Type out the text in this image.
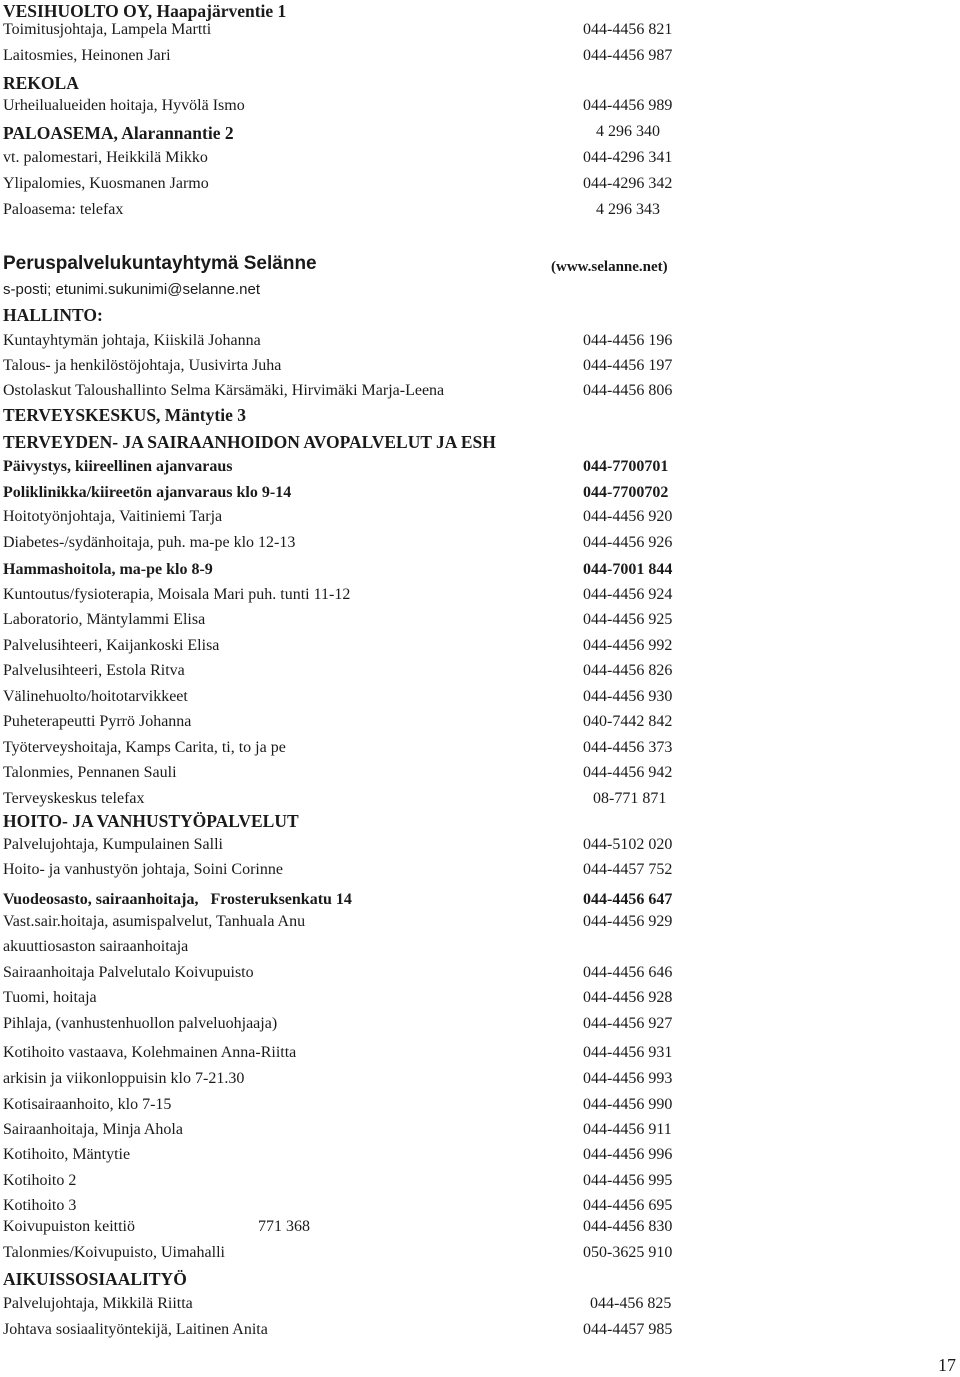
VESIHUOLTO OY, Haapajärventie 1
Toimitusjohtaja, Lampela Martti	044-4456 821
Laitosmies, Heinonen Jari	044-4456 987
REKOLA
Urheilualueiden hoitaja, Hyvölä Ismo	044-4456 989
PALOASEMA, Alarannantie 2	4 296 340
vt. palomestari, Heikkilä Mikko	044-4296 341
Ylipalomies, Kuosmanen Jarmo	044-4296 342
Paloasema: telefax	4 296 343
Peruspalvelukuntayhtymä Selänne	(www.selanne.net)
s-posti; etunimi.sukunimi@selanne.net
HALLINTO:
Kuntayhtymän johtaja, Kiiskilä Johanna	044-4456 196
Talous- ja henkilöstöjohtaja, Uusivirta Juha	044-4456 197
Ostolaskut Taloushallinto Selma Kärsämäki, Hirvimäki Marja-Leena	044-4456 806
TERVEYSKESKUS, Mäntytie 3
TERVEYDEN- JA SAIRAANHOIDON AVOPALVELUT JA ESH
Päivystys, kiireellinen ajanvaraus	044-7700701
Poliklinikka/kiireetön ajanvaraus klo 9-14	044-7700702
Hoitotyönjohtaja, Vaitiniemi Tarja	044-4456 920
Diabetes-/sydänhoitaja, puh. ma-pe klo 12-13	044-4456 926
Hammashoitola, ma-pe klo 8-9	044-7001 844
Kuntoutus/fysioterapia, Moisala Mari puh. tunti 11-12	044-4456 924
Laboratorio, Mäntylammi Elisa	044-4456 925
Palvelusihteeri, Kaijankoski Elisa	044-4456 992
Palvelusihteeri, Estola Ritva	044-4456 826
Välinehuolto/hoitotarvikkeet	044-4456 930
Puheterapeutti Pyrrö Johanna	040-7442 842
Työterveyshoitaja, Kamps Carita, ti, to ja pe	044-4456 373
Talonmies, Pennanen Sauli	044-4456 942
Terveyskeskus telefax	08-771 871
HOITO- JA VANHUSTYÖPALVELUT
Palvelujohtaja, Kumpulainen Salli	044-5102 020
Hoito- ja vanhustyön johtaja, Soini Corinne	044-4457 752
Vuodeosasto, sairaanhoitaja,   Frosteruksenkatu 14	044-4456 647
Vast.sair.hoitaja, asumispalvelut, Tanhuala Anu	044-4456 929
akuuttiosaston sairaanhoitaja
Sairaanhoitaja Palvelutalo Koivupuisto	044-4456 646
Tuomi, hoitaja	044-4456 928
Pihlaja, (vanhustenhuollon palveluohjaaja)	044-4456 927
Kotihoito vastaava, Kolehmainen Anna-Riitta	044-4456 931
arkisin ja viikonloppuisin klo 7-21.30	044-4456 993
Kotisairaanhoito, klo 7-15	044-4456 990
Sairaanhoitaja, Minja Ahola	044-4456 911
Kotihoito, Mäntytie	044-4456 996
Kotihoito 2	044-4456 995
Kotihoito 3	044-4456 695
Koivupuiston keittiö	771 368	044-4456 830
Talonmies/Koivupuisto, Uimahalli	050-3625 910
AIKUISSOSIAALITYÖ
Palvelujohtaja, Mikkilä Riitta	044-456 825
Johtava sosiaalityöntekijä, Laitinen Anita	044-4457 985
17
